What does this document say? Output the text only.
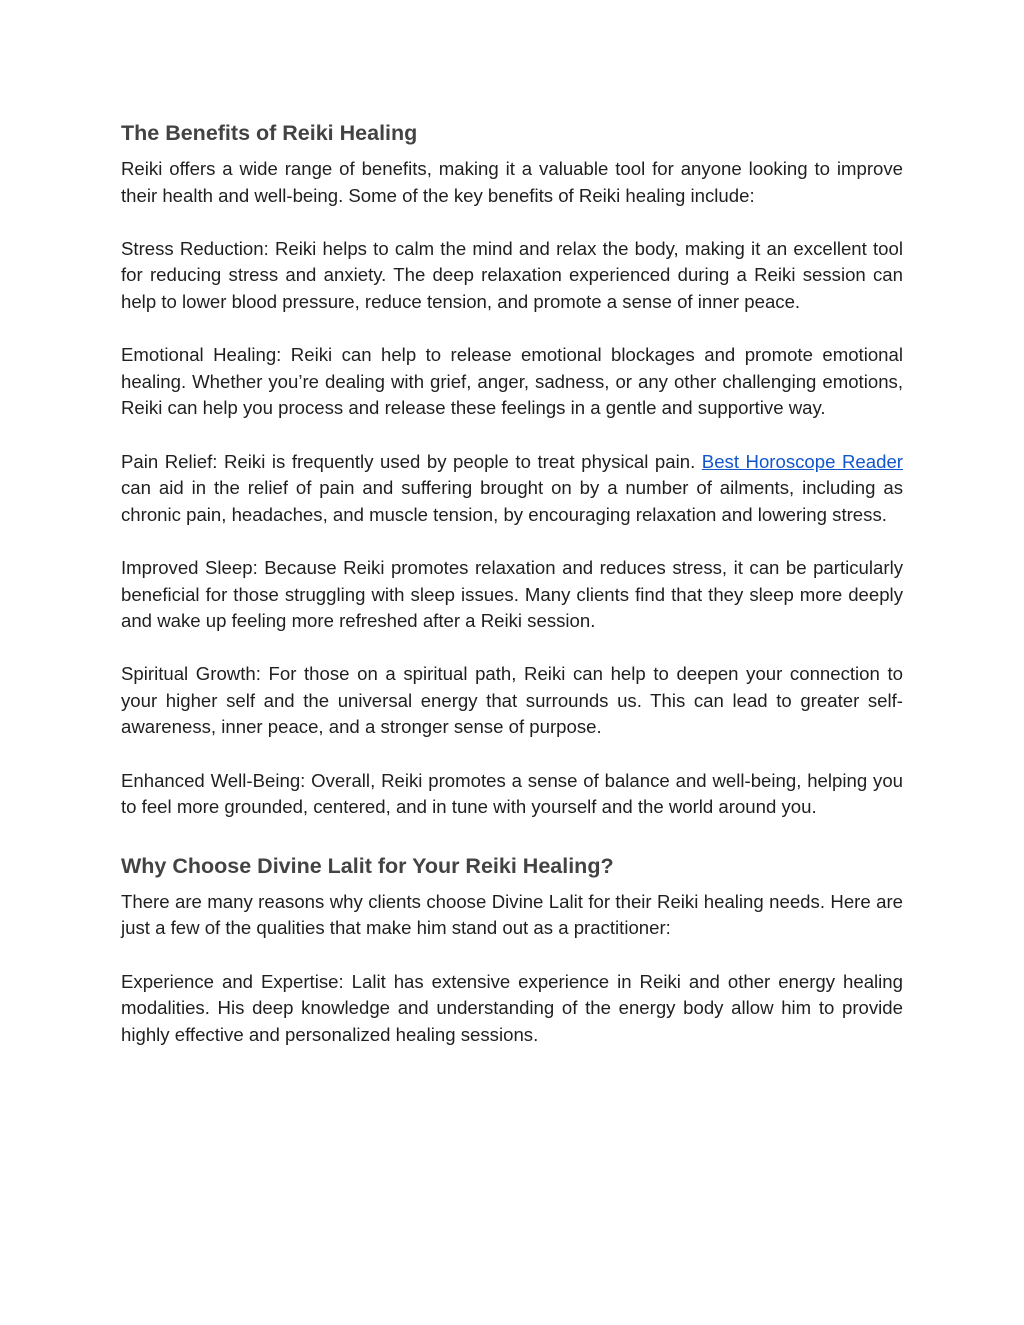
The Benefits of Reiki Healing

Reiki offers a wide range of benefits, making it a valuable tool for anyone looking to improve their health and well-being. Some of the key benefits of Reiki healing include:

Stress Reduction: Reiki helps to calm the mind and relax the body, making it an excellent tool for reducing stress and anxiety. The deep relaxation experienced during a Reiki session can help to lower blood pressure, reduce tension, and promote a sense of inner peace.

Emotional Healing: Reiki can help to release emotional blockages and promote emotional healing. Whether you’re dealing with grief, anger, sadness, or any other challenging emotions, Reiki can help you process and release these feelings in a gentle and supportive way.

Pain Relief: Reiki is frequently used by people to treat physical pain. Best Horoscope Reader can aid in the relief of pain and suffering brought on by a number of ailments, including as chronic pain, headaches, and muscle tension, by encouraging relaxation and lowering stress.

Improved Sleep: Because Reiki promotes relaxation and reduces stress, it can be particularly beneficial for those struggling with sleep issues. Many clients find that they sleep more deeply and wake up feeling more refreshed after a Reiki session.

Spiritual Growth: For those on a spiritual path, Reiki can help to deepen your connection to your higher self and the universal energy that surrounds us. This can lead to greater self-awareness, inner peace, and a stronger sense of purpose.

Enhanced Well-Being: Overall, Reiki promotes a sense of balance and well-being, helping you to feel more grounded, centered, and in tune with yourself and the world around you.

Why Choose Divine Lalit for Your Reiki Healing?

There are many reasons why clients choose Divine Lalit for their Reiki healing needs. Here are just a few of the qualities that make him stand out as a practitioner:

Experience and Expertise: Lalit has extensive experience in Reiki and other energy healing modalities. His deep knowledge and understanding of the energy body allow him to provide highly effective and personalized healing sessions.
